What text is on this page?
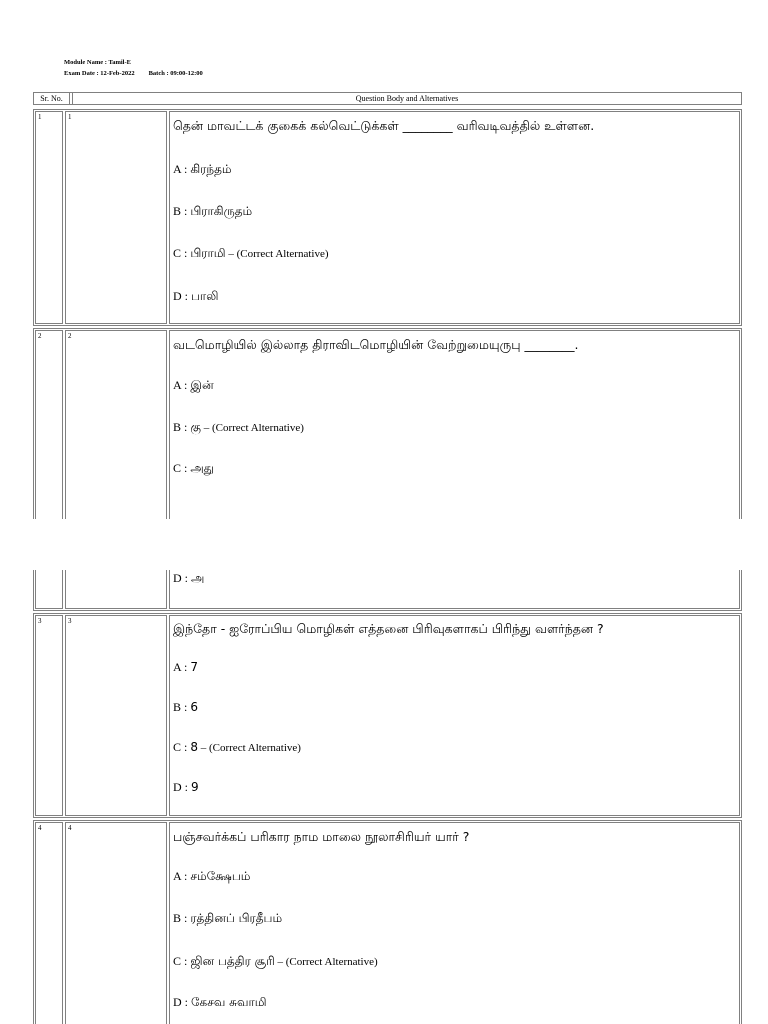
Module Name : Tamil-E
Exam Date : 12-Feb-2022 Batch : 09:00-12:00
Sr. No.	Question Body and Alternatives
1	1
தென் மாவட்டக் குகைக் கல்வெட்டுக்கள் ________ வரிவடிவத்தில் உள்ளன.
A : கிரந்தம்
B : பிராகிருதம்
C : பிராமி – (Correct Alternative)
D : பாலி
2	2
வடமொழியில் இல்லாத திராவிடமொழியின் வேற்றுமையுருபு ________.
A : இன்
B : கு – (Correct Alternative)
C : அது
D : அ
3	3	இந்தோ - ஐரோப்பிய மொழிகள் எத்தனை பிரிவுகளாகப் பிரிந்து வளர்ந்தன ?
A : 7
B : 6
C : 8 – (Correct Alternative)
D : 9
4	4
பஞ்சவர்க்கப் பரிகார நாம மாலை நூலாசிரியர் யார் ?
A : சம்க்ஷேபம்
B : ரத்தினப் பிரதீபம்
C : ஜின பத்திர சூரி – (Correct Alternative)
D : கேசவ சுவாமி
